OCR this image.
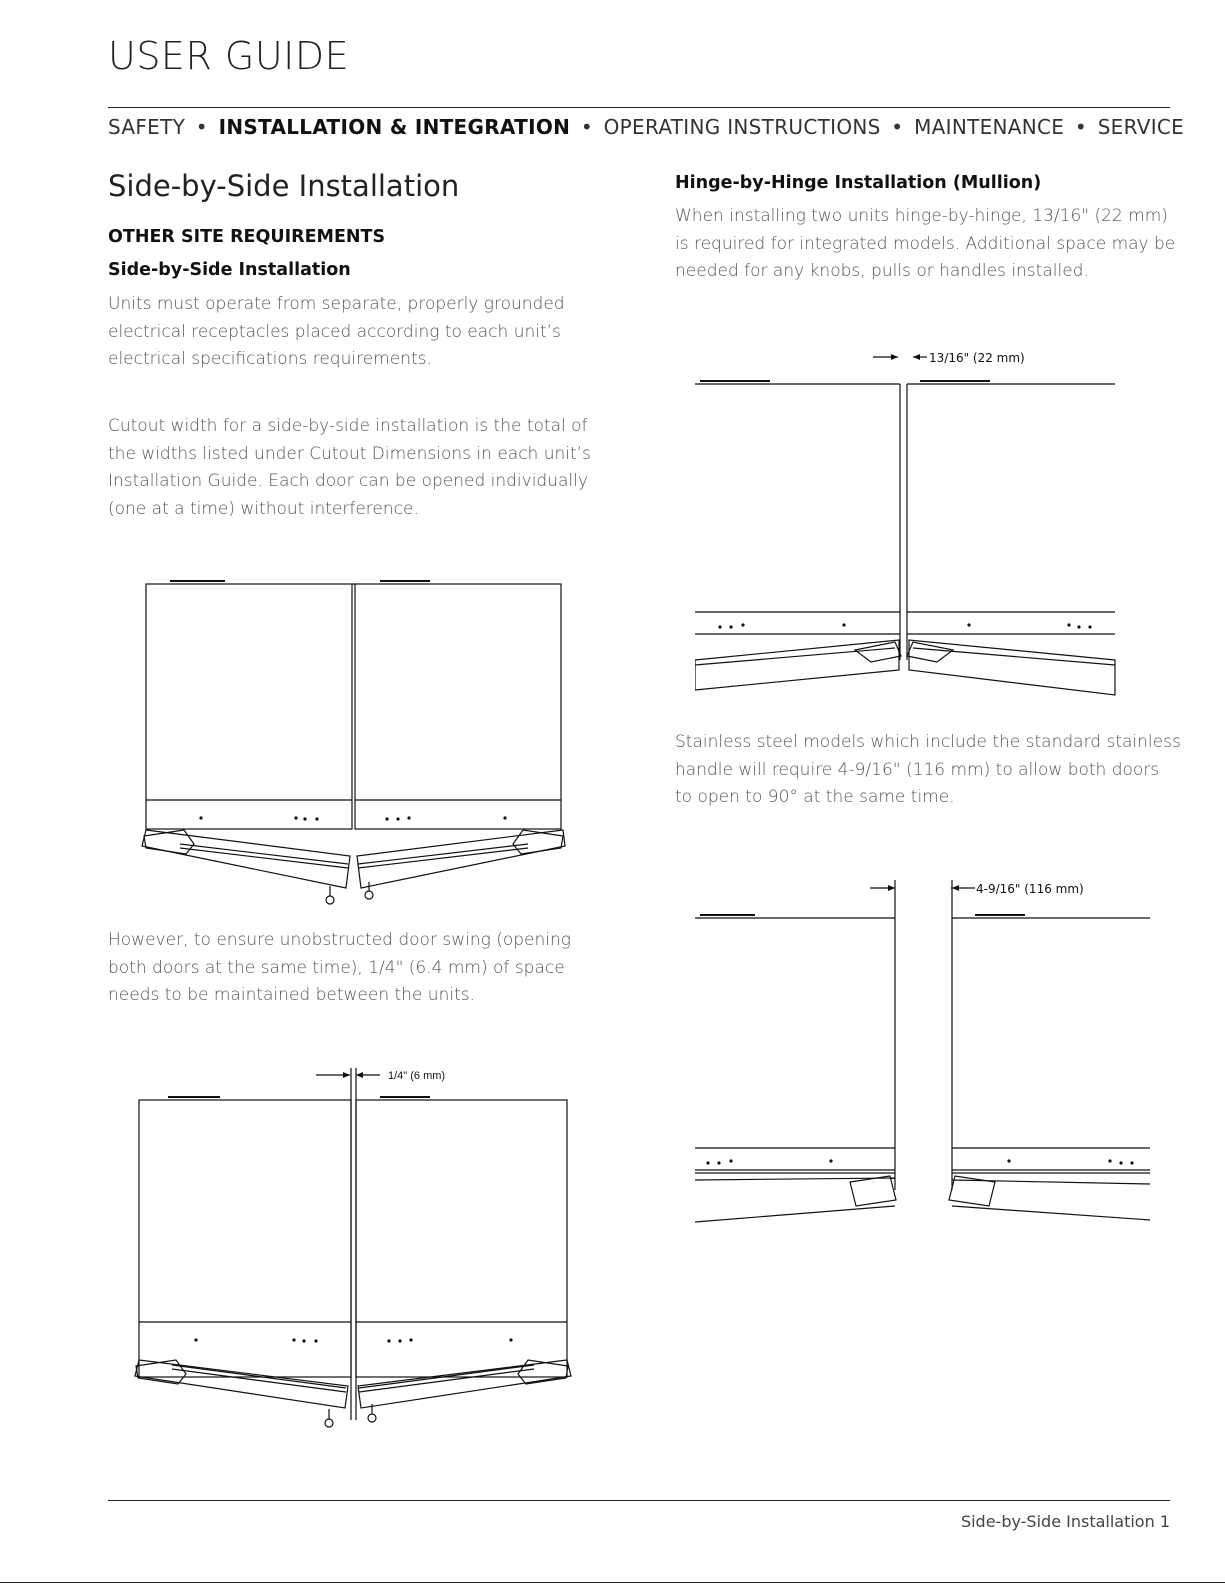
USER GUIDE
SAFETY • INSTALLATION & INTEGRATION • OPERATING INSTRUCTIONS • MAINTENANCE • SERVICE
Side-by-Side Installation
OTHER SITE REQUIREMENTS
Side-by-Side Installation
Units must operate from separate, properly grounded
electrical receptacles placed according to each unit’s
electrical specifications requirements.
Cutout width for a side-by-side installation is the total of
the widths listed under Cutout Dimensions in each unit’s
Installation Guide. Each door can be opened individually
(one at a time) without interference.
However, to ensure unobstructed door swing (opening
both doors at the same time), 1/4" (6.4 mm) of space
needs to be maintained between the units.
1/4" (6 mm)
Hinge-by-Hinge Installation (Mullion)
When installing two units hinge-by-hinge, 13/16" (22 mm)
is required for integrated models. Additional space may be
needed for any knobs, pulls or handles installed.
13/16" (22 mm)
Stainless steel models which include the standard stainless
handle will require 4-9/16" (116 mm) to allow both doors
to open to 90° at the same time.
4-9/16" (116 mm)
Side-by-Side Installation 1
